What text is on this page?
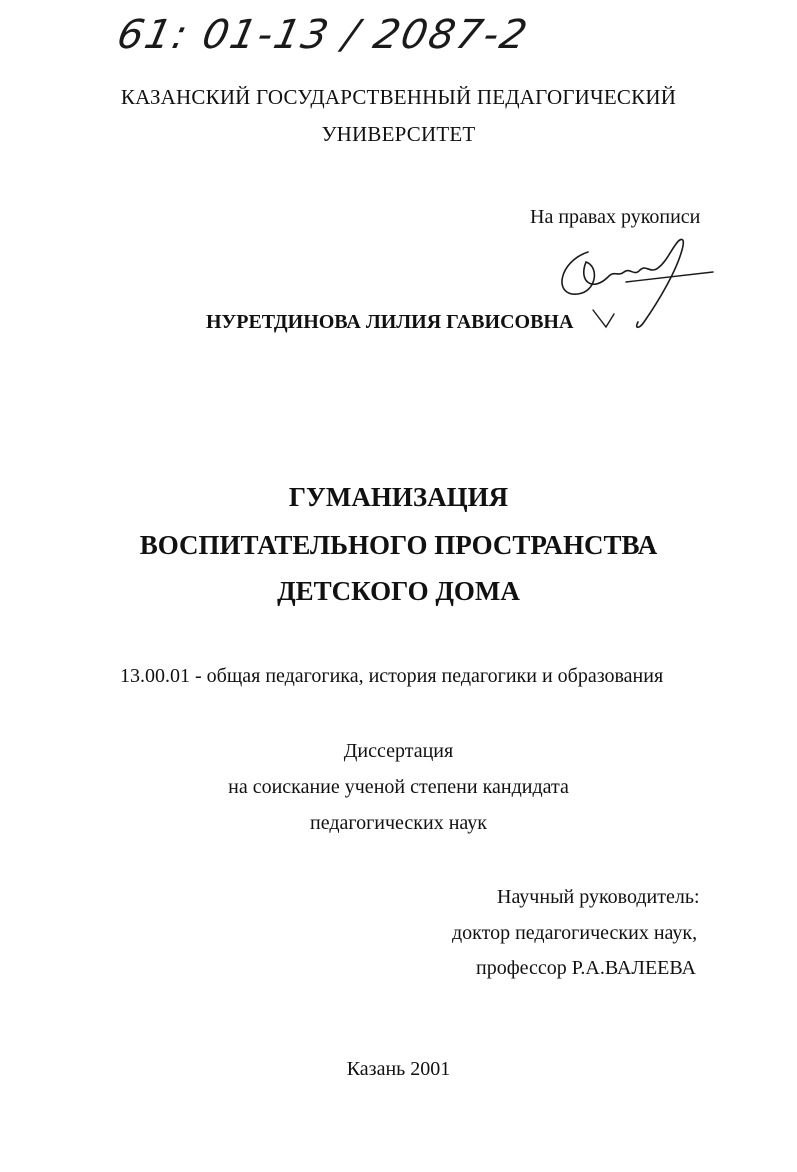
61: 01-13 / 2087-2
КАЗАНСКИЙ ГОСУДАРСТВЕННЫЙ ПЕДАГОГИЧЕСКИЙ
УНИВЕРСИТЕТ
На правах рукописи
НУРЕТДИНОВА ЛИЛИЯ ГАВИСОВНА
ГУМАНИЗАЦИЯ
ВОСПИТАТЕЛЬНОГО ПРОСТРАНСТВА
ДЕТСКОГО ДОМА
13.00.01 - общая педагогика, история педагогики и образования
Диссертация
на соискание ученой степени кандидата
педагогических наук
Научный руководитель:
доктор педагогических наук,
профессор Р.А.ВАЛЕЕВА
Казань 2001
